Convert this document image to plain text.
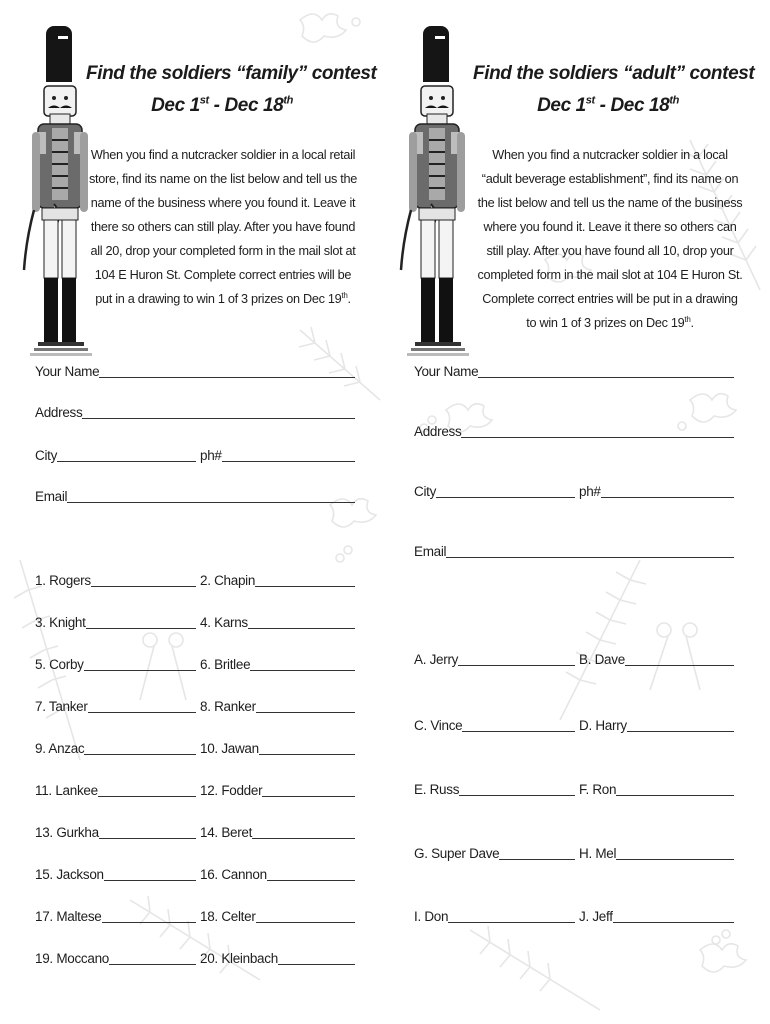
Find the soldiers “family” contest
Dec 1st - Dec 18th

When you find a nutcracker soldier in a local retail store, find its name on the list below and tell us the name of the business where you found it. Leave it there so others can still play. After you have found all 20, drop your completed form in the mail slot at 104 E Huron St. Complete correct entries will be put in a drawing to win 1 of 3 prizes on Dec 19th.

Your Name
Address
City	ph#
Email
1. Rogers	2. Chapin
3. Knight	4. Karns
5. Corby	6. Britlee
7. Tanker	8. Ranker
9. Anzac	10. Jawan
11. Lankee	12. Fodder
13. Gurkha	14. Beret
15. Jackson	16. Cannon
17. Maltese	18. Celter
19. Moccano	20. Kleinbach
Find the soldiers “adult” contest
Dec 1st - Dec 18th

When you find a nutcracker soldier in a local “adult beverage establishment”, find its name on the list below and tell us the name of the business where you found it. Leave it there so others can still play. After you have found all 10, drop your completed form in the mail slot at 104 E Huron St. Complete correct entries will be put in a drawing to win 1 of 3 prizes on Dec 19th.

Your Name
Address
City	ph#
Email
A. Jerry	B. Dave
C. Vince	D. Harry
E. Russ	F. Ron
G. Super Dave	H. Mel
I. Don	J. Jeff
